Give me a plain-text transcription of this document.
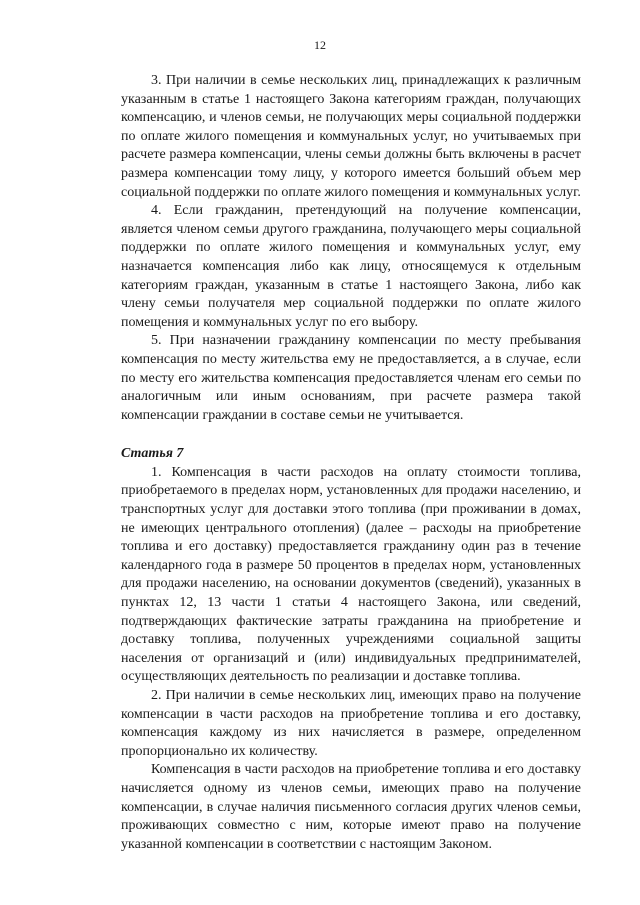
12

3. При наличии в семье нескольких лиц, принадлежащих к различным указанным в статье 1 настоящего Закона категориям граждан, получающих компенсацию, и членов семьи, не получающих меры социальной поддержки по оплате жилого помещения и коммунальных услуг, но учитываемых при расчете размера компенсации, члены семьи должны быть включены в расчет размера компенсации тому лицу, у которого имеется больший объем мер социальной поддержки по оплате жилого помещения и коммунальных услуг.

4. Если гражданин, претендующий на получение компенсации, является членом семьи другого гражданина, получающего меры социальной поддержки по оплате жилого помещения и коммунальных услуг, ему назначается компенсация либо как лицу, относящемуся к отдельным категориям граждан, указанным в статье 1 настоящего Закона, либо как члену семьи получателя мер социальной поддержки по оплате жилого помещения и коммунальных услуг по его выбору.

5. При назначении гражданину компенсации по месту пребывания компенсация по месту жительства ему не предоставляется, а в случае, если по месту его жительства компенсация предоставляется членам его семьи по аналогичным или иным основаниям, при расчете размера такой компенсации граждании в составе семьи не учитывается.

Статья 7

1. Компенсация в части расходов на оплату стоимости топлива, приобретаемого в пределах норм, установленных для продажи населению, и транспортных услуг для доставки этого топлива (при проживании в домах, не имеющих центрального отопления) (далее – расходы на приобретение топлива и его доставку) предоставляется гражданину один раз в течение календарного года в размере 50 процентов в пределах норм, установленных для продажи населению, на основании документов (сведений), указанных в пунктах 12, 13 части 1 статьи 4 настоящего Закона, или сведений, подтверждающих фактические затраты гражданина на приобретение и доставку топлива, полученных учреждениями социальной защиты населения от организаций и (или) индивидуальных предпринимателей, осуществляющих деятельность по реализации и доставке топлива.

2. При наличии в семье нескольких лиц, имеющих право на получение компенсации в части расходов на приобретение топлива и его доставку, компенсация каждому из них начисляется в размере, определенном пропорционально их количеству.

Компенсация в части расходов на приобретение топлива и его доставку начисляется одному из членов семьи, имеющих право на получение компенсации, в случае наличия письменного согласия других членов семьи, проживающих совместно с ним, которые имеют право на получение указанной компенсации в соответствии с настоящим Законом.
